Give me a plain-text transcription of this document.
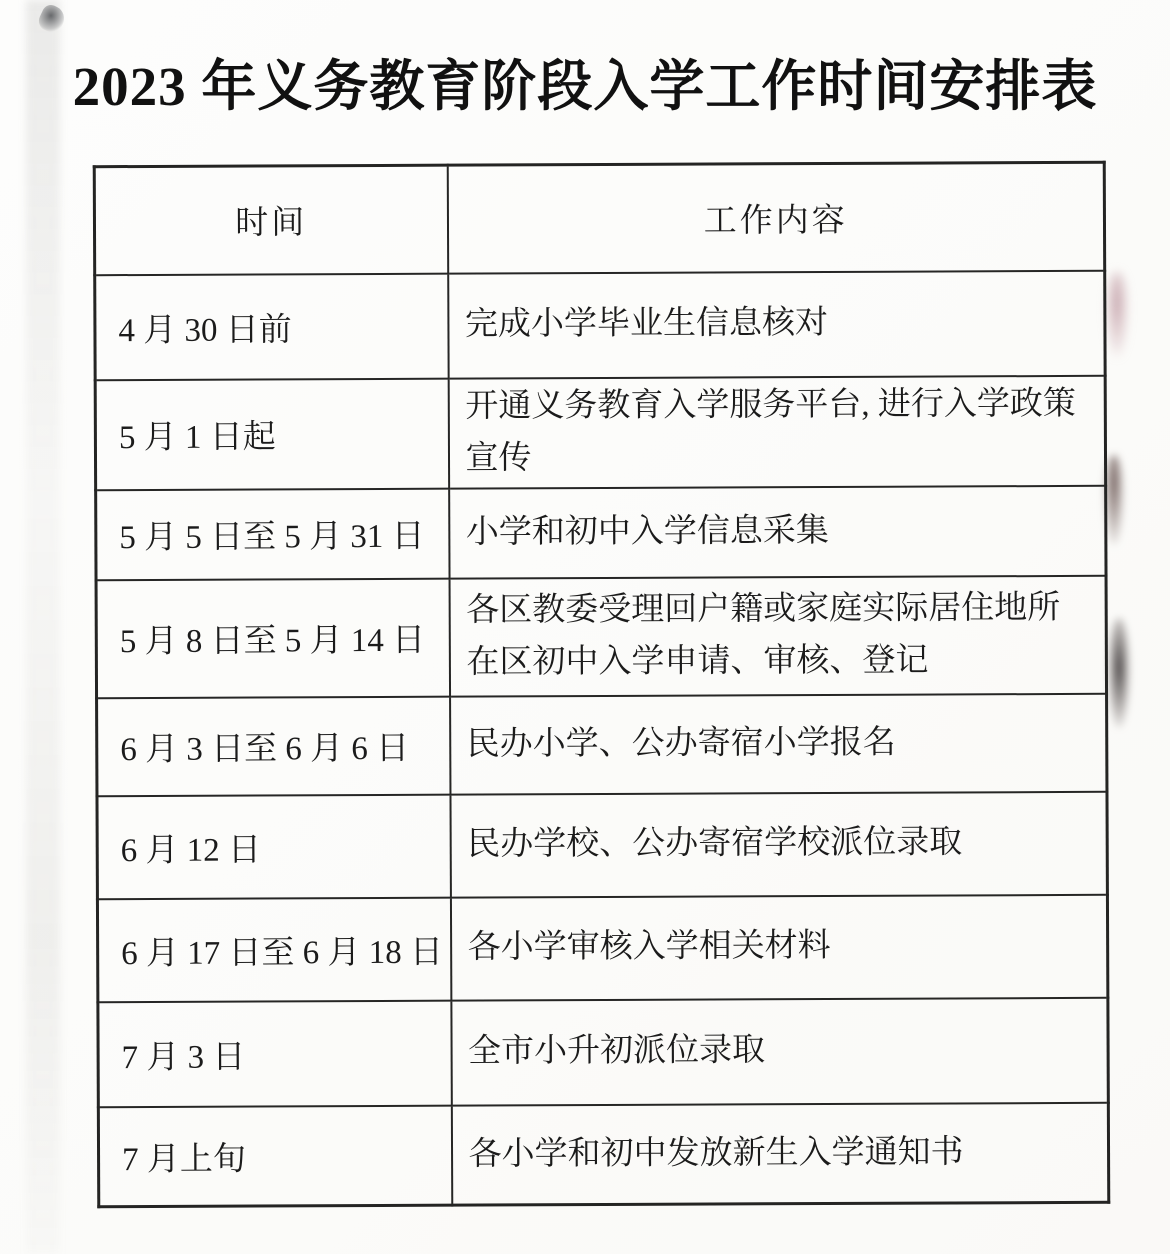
2023 年义务教育阶段入学工作时间安排表
时间	工作内容
4 月 30 日前	完成小学毕业生信息核对
5 月 1 日起	开通义务教育入学服务平台, 进行入学政策
宣传
5 月 5 日至 5 月 31 日	小学和初中入学信息采集
5 月 8 日至 5 月 14 日	各区教委受理回户籍或家庭实际居住地所
在区初中入学申请、审核、登记
6 月 3 日至 6 月 6 日	民办小学、公办寄宿小学报名
6 月 12 日	民办学校、公办寄宿学校派位录取
6 月 17 日至 6 月 18 日	各小学审核入学相关材料
7 月 3 日	全市小升初派位录取
7 月上旬	各小学和初中发放新生入学通知书
